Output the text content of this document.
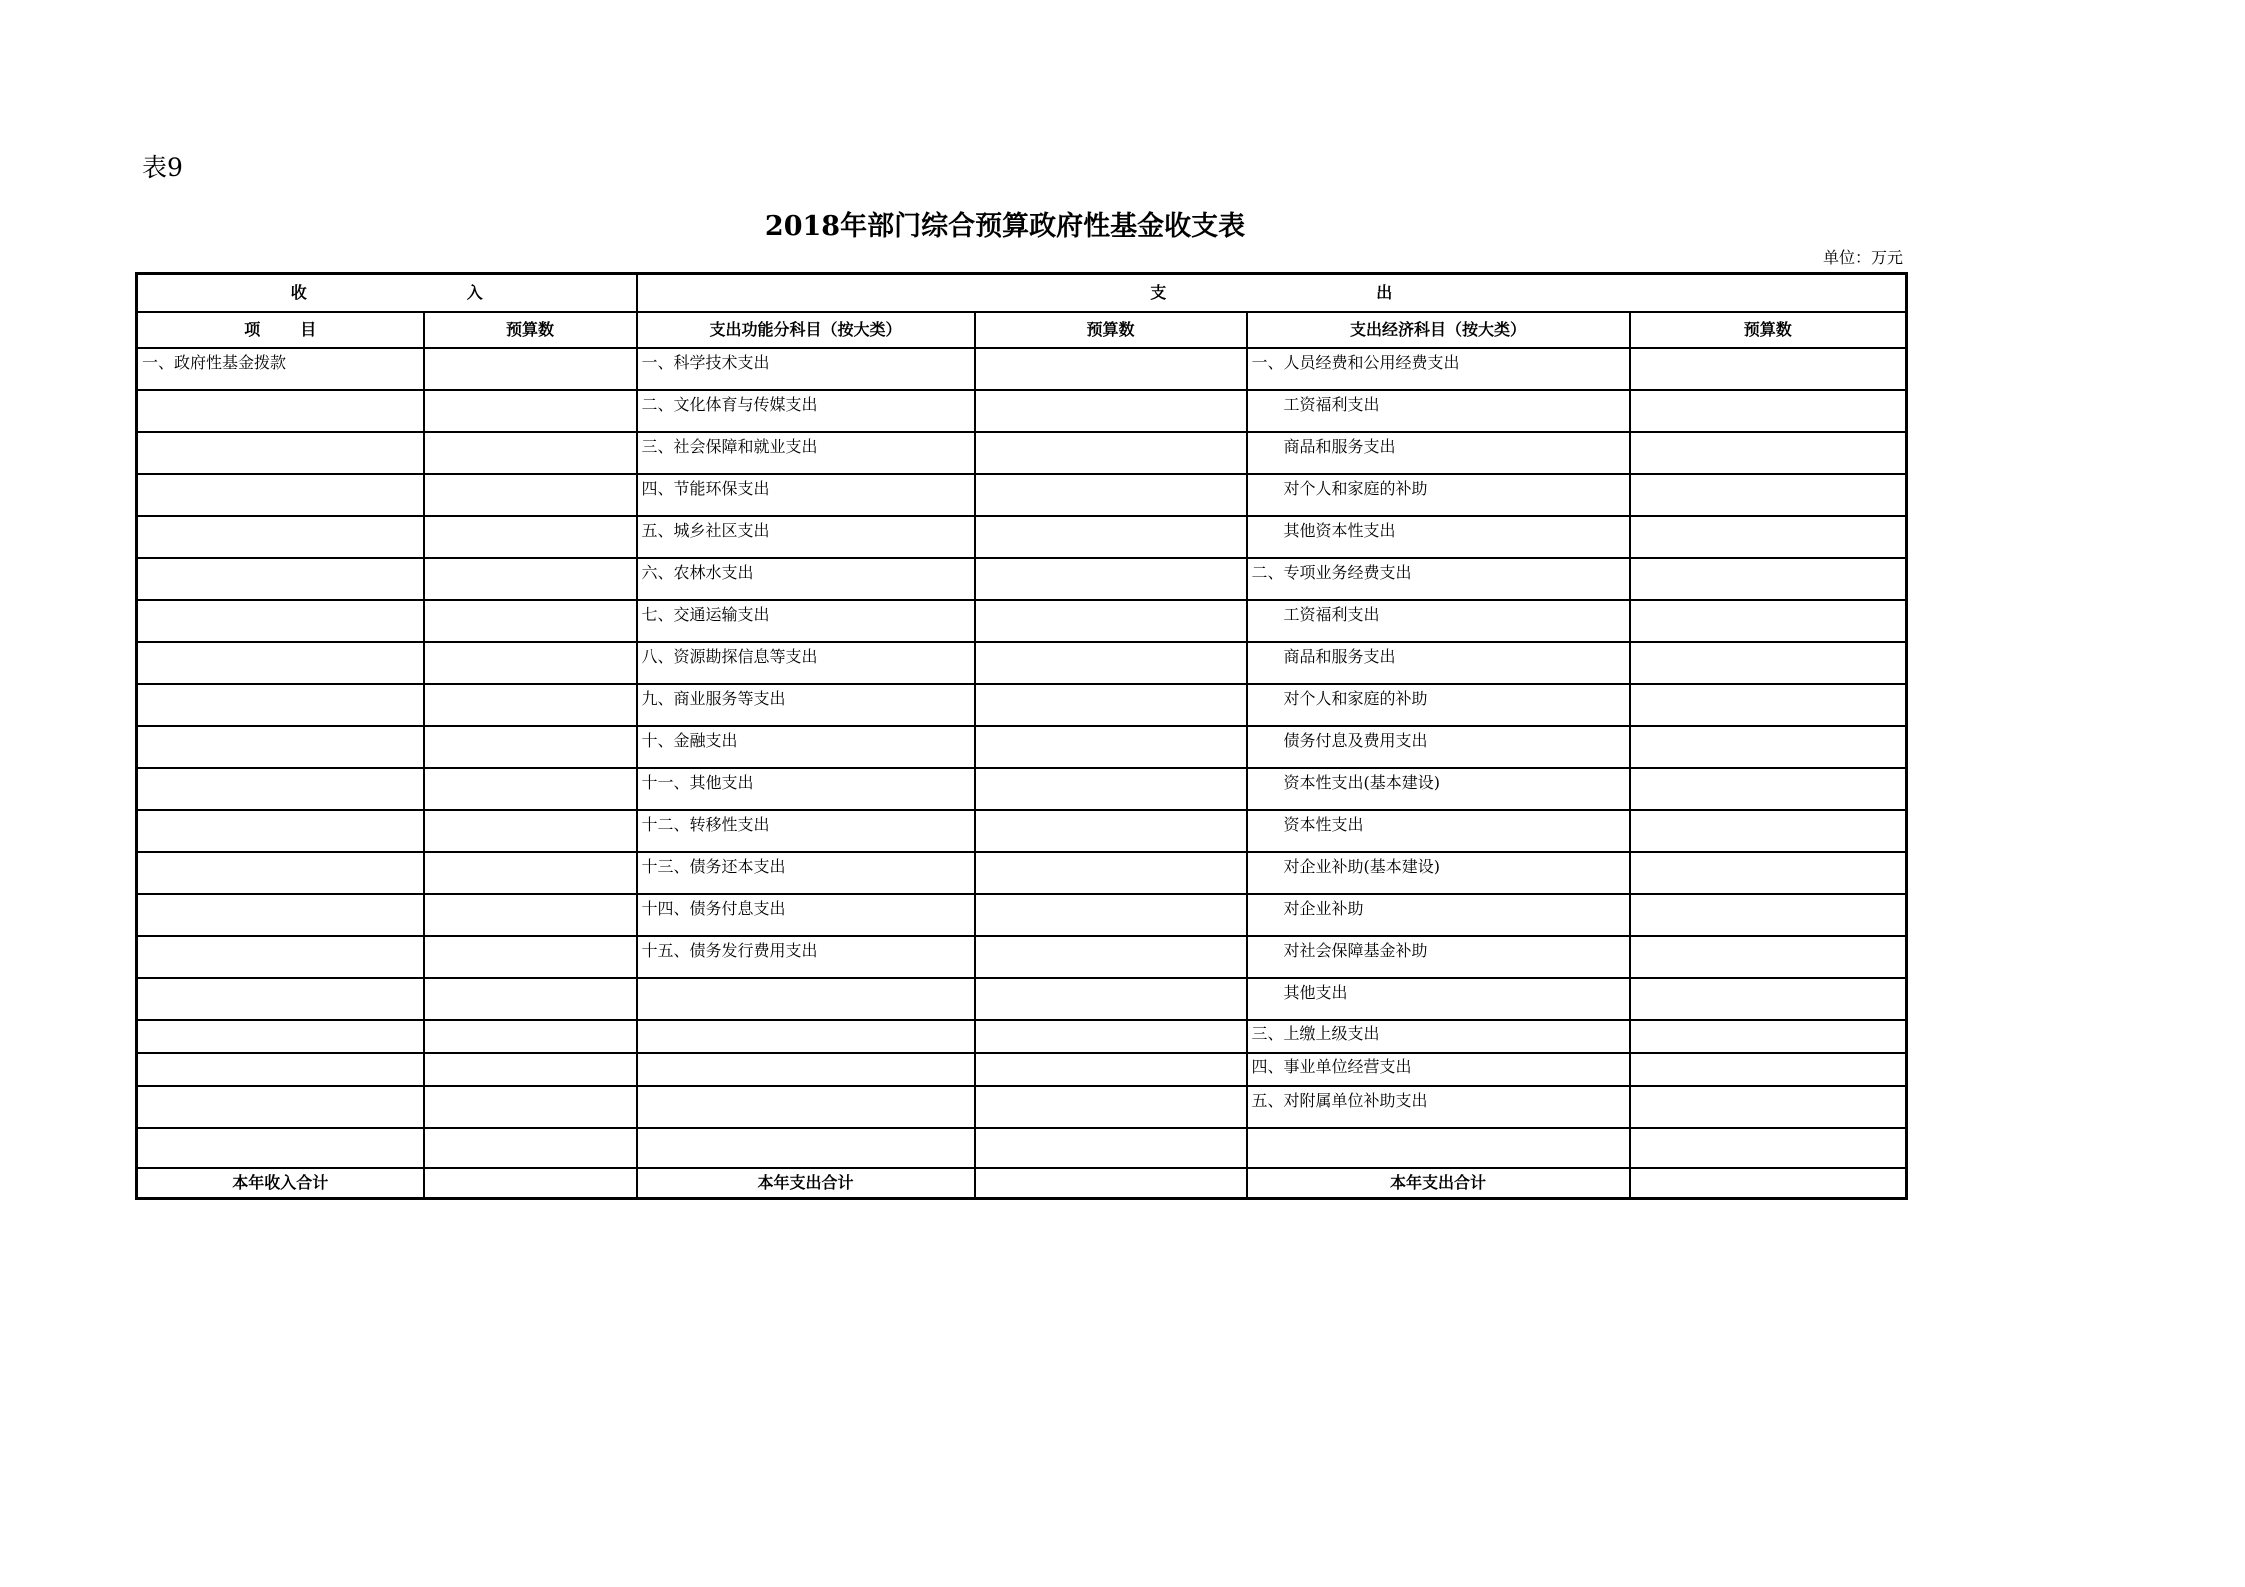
表9
2018年部门综合预算政府性基金收支表
单位：万元
收 入		支 出			
项 目	预算数	支出功能分科目（按大类）	预算数	支出经济科目（按大类）	预算数
一、政府性基金拨款		一、科学技术支出		一、人员经费和公用经费支出	
		二、文化体育与传媒支出		工资福利支出	
		三、社会保障和就业支出		商品和服务支出	
		四、节能环保支出		对个人和家庭的补助	
		五、城乡社区支出		其他资本性支出	
		六、农林水支出		二、专项业务经费支出	
		七、交通运输支出		工资福利支出	
		八、资源勘探信息等支出		商品和服务支出	
		九、商业服务等支出		对个人和家庭的补助	
		十、金融支出		债务付息及费用支出	
		十一、其他支出		资本性支出(基本建设)	
		十二、转移性支出		资本性支出	
		十三、债务还本支出		对企业补助(基本建设)	
		十四、债务付息支出		对企业补助	
		十五、债务发行费用支出		对社会保障基金补助	
				其他支出	
				三、上缴上级支出	
				四、事业单位经营支出	
				五、对附属单位补助支出	

本年收入合计		本年支出合计		本年支出合计	
